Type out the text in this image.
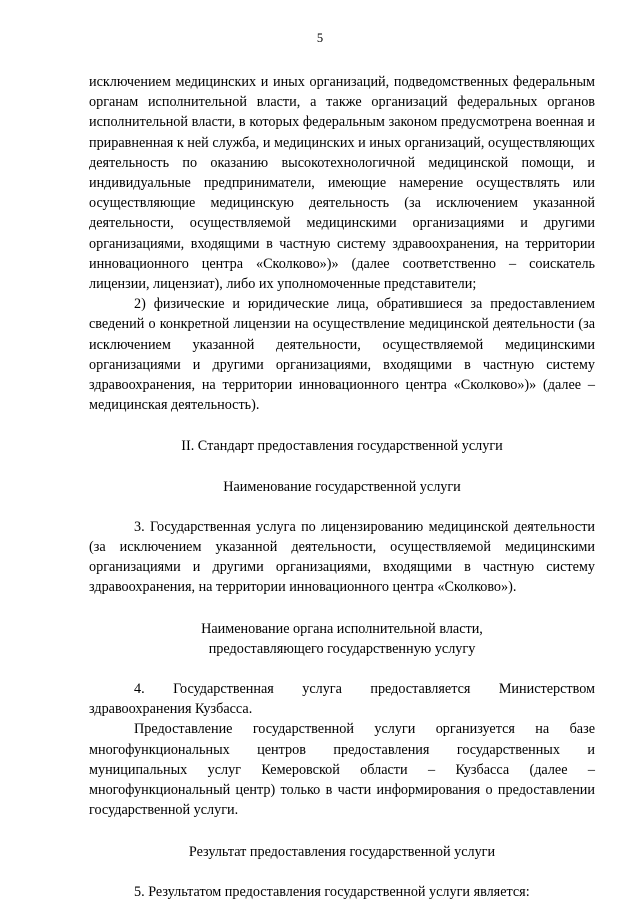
5

исключением медицинских и иных организаций, подведомственных федеральным органам исполнительной власти, а также организаций федеральных органов исполнительной власти, в которых федеральным законом предусмотрена военная и приравненная к ней служба, и медицинских и иных организаций, осуществляющих деятельность по оказанию высокотехнологичной медицинской помощи, и индивидуальные предприниматели, имеющие намерение осуществлять или осуществляющие медицинскую деятельность (за исключением указанной деятельности, осуществляемой медицинскими организациями и другими организациями, входящими в частную систему здравоохранения, на территории инновационного центра «Сколково»)» (далее соответственно – соискатель лицензии, лицензиат), либо их уполномоченные представители;

2) физические и юридические лица, обратившиеся за предоставлением сведений о конкретной лицензии на осуществление медицинской деятельности (за исключением указанной деятельности, осуществляемой медицинскими организациями и другими организациями, входящими в частную систему здравоохранения, на территории инновационного центра «Сколково»)» (далее – медицинская деятельность).

II. Стандарт предоставления государственной услуги

Наименование государственной услуги

3. Государственная услуга по лицензированию медицинской деятельности (за исключением указанной деятельности, осуществляемой медицинскими организациями и другими организациями, входящими в частную систему здравоохранения, на территории инновационного центра «Сколково»).

Наименование органа исполнительной власти,

предоставляющего государственную услугу

4. Государственная услуга предоставляется Министерством здравоохранения Кузбасса.

Предоставление государственной услуги организуется на базе многофункциональных центров предоставления государственных и муниципальных услуг Кемеровской области – Кузбасса (далее – многофункциональный центр) только в части информирования о предоставлении государственной услуги.

Результат предоставления государственной услуги

5. Результатом предоставления государственной услуги является:
